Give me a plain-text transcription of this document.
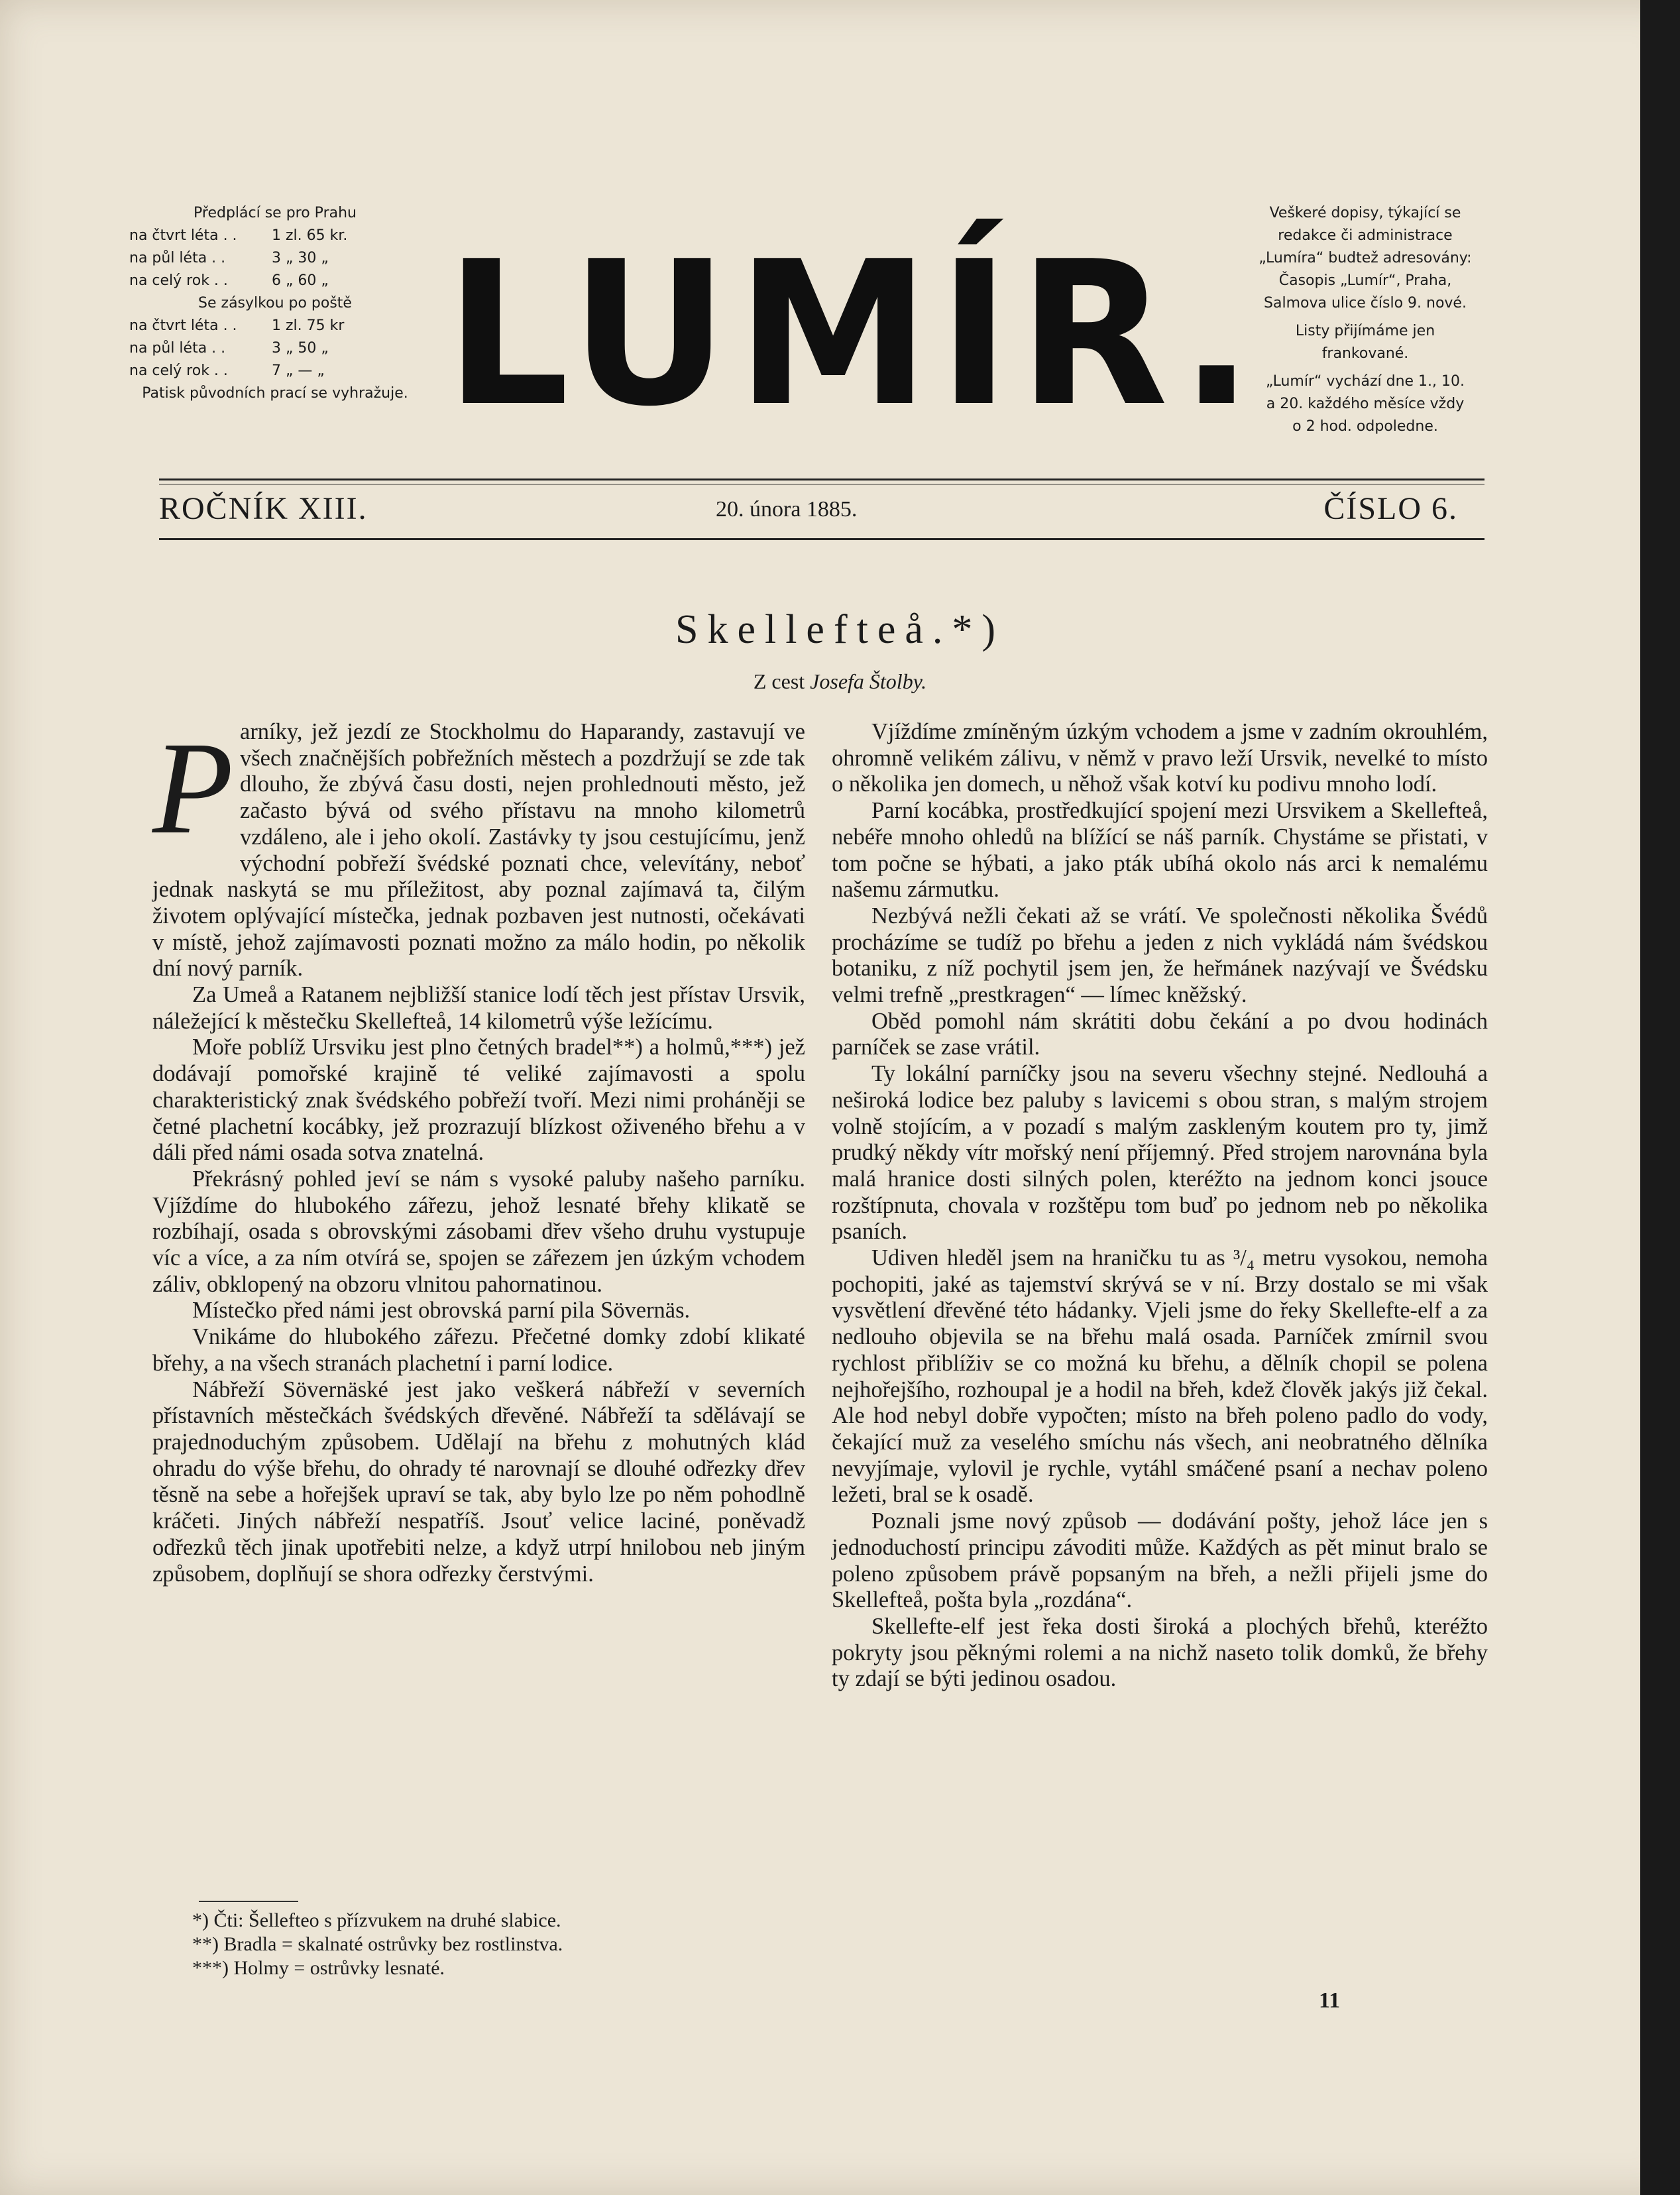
Předplácí se pro Prahu
na čtvrt léta . .	1 zl. 65 kr.
na půl léta . .	3 „ 30 „
na celý rok . .	6 „ 60 „
Se zásylkou po poště
na čtvrt léta . .	1 zl. 75 kr
na půl léta . .	3 „ 50 „
na celý rok . .	7 „ — „
Patisk původních prací se vyhražuje. LUMÍR.
Veškeré dopisy, týkající se
redakce či administrace
„Lumíra“ budtež adresovány:
Časopis „Lumír“, Praha,
Salmova ulice číslo 9. nové.
Listy přijímáme jen
frankované.
„Lumír“ vychází dne 1., 10.
a 20. každého měsíce vždy
o 2 hod. odpoledne.
ROČNÍK XIII.	20. února 1885.	ČÍSLO 6.
Skellefteå.*)
Z cest Josefa Štolby.

Parníky, jež jezdí ze Stockholmu do Haparandy, zastavují ve všech značnějších pobřežních městech a pozdržují se zde tak dlouho, že zbývá času dosti, nejen prohlednouti město, jež začasto bývá od svého přístavu na mnoho kilometrů vzdáleno, ale i jeho okolí. Zastávky ty jsou cestujícímu, jenž východní pobřeží švédské poznati chce, velevítány, neboť jednak naskytá se mu příležitost, aby poznal zajímavá ta, čilým životem oplývající místečka, jednak pozbaven jest nutnosti, očekávati v místě, jehož zajímavosti poznati možno za málo hodin, po několik dní nový parník.

Za Umeå a Ratanem nejbližší stanice lodí těch jest přístav Ursvik, náležející k městečku Skellefteå, 14 kilometrů výše ležícímu.

Moře poblíž Ursviku jest plno četných bradel**) a holmů,***) jež dodávají pomořské krajině té veliké zajímavosti a spolu charakteristický znak švédského pobřeží tvoří. Mezi nimi proháněji se četné plachetní kocábky, jež prozrazují blízkost oživeného břehu a v dáli před námi osada sotva znatelná.

Překrásný pohled jeví se nám s vysoké paluby našeho parníku. Vjíždíme do hlubokého zářezu, jehož lesnaté břehy klikatě se rozbíhají, osada s obrovskými zásobami dřev všeho druhu vystupuje víc a více, a za ním otvírá se, spojen se zářezem jen úzkým vchodem záliv, obklopený na obzoru vlnitou pahornatinou.

Místečko před námi jest obrovská parní pila Sövernäs.

Vnikáme do hlubokého zářezu. Přečetné domky zdobí klikaté břehy, a na všech stranách plachetní i parní lodice.

Nábřeží Sövernäské jest jako veškerá nábřeží v severních přístavních městečkách švédských dřevěné. Nábřeží ta sdělávají se prajednoduchým způsobem. Udělají na břehu z mohutných klád ohradu do výše břehu, do ohrady té narovnají se dlouhé odřezky dřev těsně na sebe a hořejšek upraví se tak, aby bylo lze po něm pohodlně kráčeti. Jiných nábřeží nespatříš. Jsouť velice laciné, poněvadž odřezků těch jinak upotřebiti nelze, a když utrpí hnilobou neb jiným způsobem, doplňují se shora odřezky čerstvými.

*) Čti: Šellefteo s přízvukem na druhé slabice.
**) Bradla = skalnaté ostrůvky bez rostlinstva.
***) Holmy = ostrůvky lesnaté.

Vjíždíme zmíněným úzkým vchodem a jsme v zadním okrouhlém, ohromně velikém zálivu, v němž v pravo leží Ursvik, nevelké to místo o několika jen domech, u něhož však kotví ku podivu mnoho lodí.

Parní kocábka, prostředkující spojení mezi Ursvikem a Skellefteå, nebéře mnoho ohledů na blížící se náš parník. Chystáme se přistati, v tom počne se hýbati, a jako pták ubíhá okolo nás arci k nemalému našemu zármutku.

Nezbývá nežli čekati až se vrátí. Ve společnosti několika Švédů procházíme se tudíž po břehu a jeden z nich vykládá nám švédskou botaniku, z níž pochytil jsem jen, že heřmánek nazývají ve Švédsku velmi trefně „prestkragen“ — límec kněžský.

Oběd pomohl nám skrátiti dobu čekání a po dvou hodinách parníček se zase vrátil.

Ty lokální parníčky jsou na severu všechny stejné. Nedlouhá a neširoká lodice bez paluby s lavicemi s obou stran, s malým strojem volně stojícím, a v pozadí s malým zaskleným koutem pro ty, jimž prudký někdy vítr mořský není příjemný. Před strojem narovnána byla malá hranice dosti silných polen, kteréžto na jednom konci jsouce rozštípnuta, chovala v rozštěpu tom buď po jednom neb po několika psaních.

Udiven hleděl jsem na hraničku tu as ³/₄ metru vysokou, nemoha pochopiti, jaké as tajemství skrývá se v ní. Brzy dostalo se mi však vysvětlení dřevěné této hádanky. Vjeli jsme do řeky Skellefte-elf a za nedlouho objevila se na břehu malá osada. Parníček zmírnil svou rychlost přiblíživ se co možná ku břehu, a dělník chopil se polena nejhořejšího, rozhoupal je a hodil na břeh, kdež člověk jakýs již čekal. Ale hod nebyl dobře vypočten; místo na břeh poleno padlo do vody, čekající muž za veselého smíchu nás všech, ani neobratného dělníka nevyjímaje, vylovil je rychle, vytáhl smáčené psaní a nechav poleno ležeti, bral se k osadě.

Poznali jsme nový způsob — dodávání pošty, jehož láce jen s jednoduchostí principu závoditi může. Každých as pět minut bralo se poleno způsobem právě popsaným na břeh, a nežli přijeli jsme do Skellefteå, pošta byla „rozdána“.

Skellefte-elf jest řeka dosti široká a plochých břehů, kteréžto pokryty jsou pěknými rolemi a na nichž naseto tolik domků, že břehy ty zdají se býti jedinou osadou.

11
